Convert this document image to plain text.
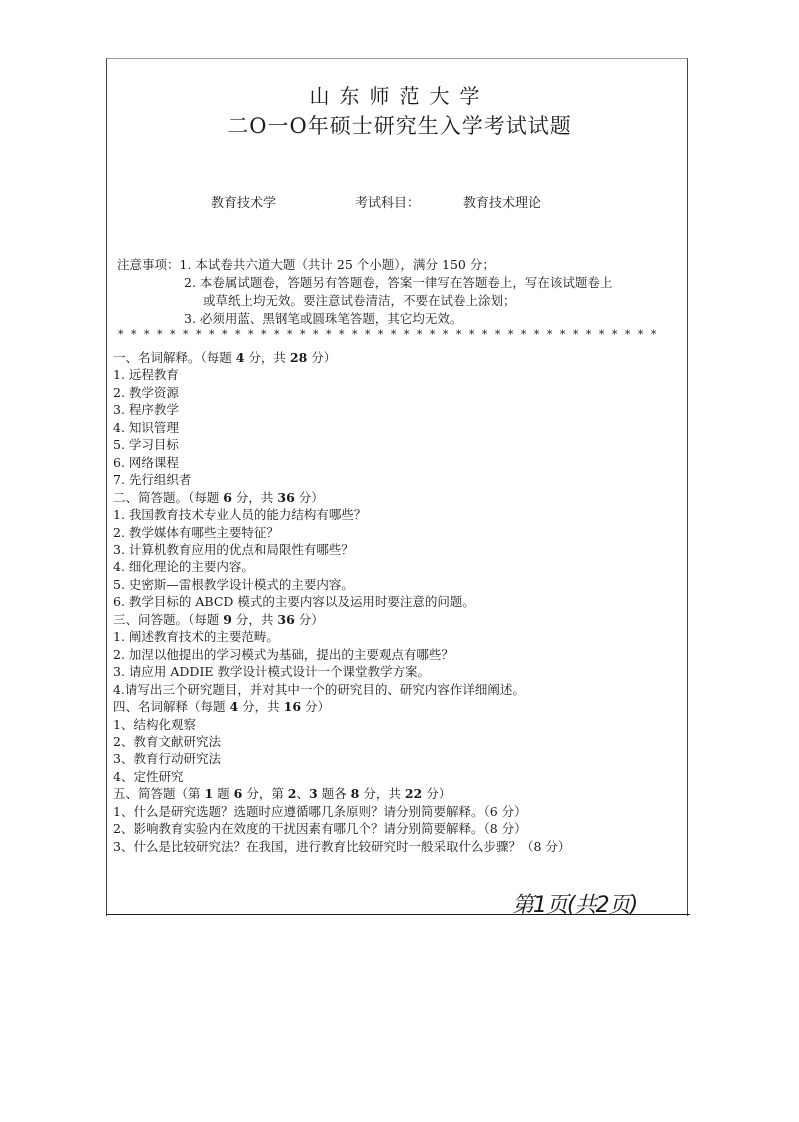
山东师范大学
二O一O年硕士研究生入学考试试题
教育技术学	考试科目：	教育技术理论
注意事项：1. 本试卷共六道大题（共计 25 个小题），满分 150 分；
2. 本卷属试题卷，答题另有答题卷，答案一律写在答题卷上，写在该试题卷上
或草纸上均无效。要注意试卷清洁，不要在试卷上涂划；
3. 必须用蓝、黑钢笔或圆珠笔答题，其它均无效。
* * * * * * * * * * * * * * * * * * * * * * * * * * * * * * * * * * * * * * * * * *
一、名词解释。（每题 4 分，共 28 分）
1. 远程教育
2. 教学资源
3. 程序教学
4. 知识管理
5. 学习目标
6. 网络课程
7. 先行组织者
二、简答题。（每题 6 分，共 36 分）
1. 我国教育技术专业人员的能力结构有哪些？
2. 教学媒体有哪些主要特征？
3. 计算机教育应用的优点和局限性有哪些？
4. 细化理论的主要内容。
5. 史密斯—雷根教学设计模式的主要内容。
6. 教学目标的 ABCD 模式的主要内容以及运用时要注意的问题。
三、问答题。（每题 9 分，共 36 分）
1. 阐述教育技术的主要范畴。
2. 加涅以他提出的学习模式为基础，提出的主要观点有哪些？
3. 请应用 ADDIE 教学设计模式设计一个课堂教学方案。
4.请写出三个研究题目，并对其中一个的研究目的、研究内容作详细阐述。
四、名词解释（每题 4 分，共 16 分）
1、结构化观察
2、教育文献研究法
3、教育行动研究法
4、定性研究
五、简答题（第 1 题 6 分，第 2、3 题各 8 分，共 22 分）
1、什么是研究选题？选题时应遵循哪几条原则？请分别简要解释。（6 分）
2、影响教育实验内在效度的干扰因素有哪几个？请分别简要解释。（8 分）
3、什么是比较研究法？在我国，进行教育比较研究时一般采取什么步骤？（8 分）
第1页(共2页)
